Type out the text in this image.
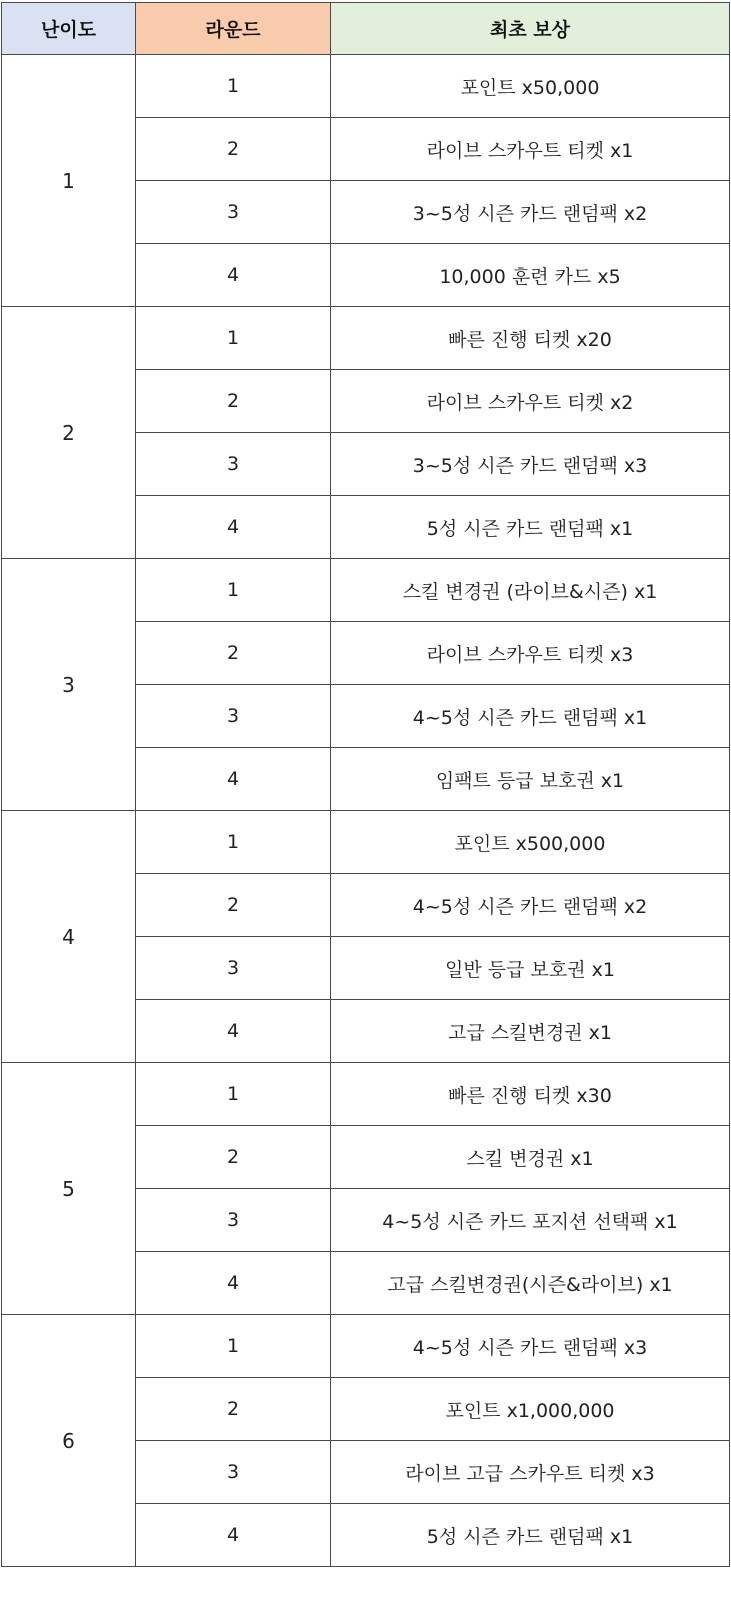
난이도	라운드	최초 보상
1	1	포인트 x50,000
	2	라이브 스카우트 티켓 x1
	3	3~5성 시즌 카드 랜덤팩 x2
	4	10,000 훈련 카드 x5
2	1	빠른 진행 티켓 x20
	2	라이브 스카우트 티켓 x2
	3	3~5성 시즌 카드 랜덤팩 x3
	4	5성 시즌 카드 랜덤팩 x1
3	1	스킬 변경권 (라이브&시즌) x1
	2	라이브 스카우트 티켓 x3
	3	4~5성 시즌 카드 랜덤팩 x1
	4	임팩트 등급 보호권 x1
4	1	포인트 x500,000
	2	4~5성 시즌 카드 랜덤팩 x2
	3	일반 등급 보호권 x1
	4	고급 스킬변경권 x1
5	1	빠른 진행 티켓 x30
	2	스킬 변경권 x1
	3	4~5성 시즌 카드 포지션 선택팩 x1
	4	고급 스킬변경권(시즌&라이브) x1
6	1	4~5성 시즌 카드 랜덤팩 x3
	2	포인트 x1,000,000
	3	라이브 고급 스카우트 티켓 x3
	4	5성 시즌 카드 랜덤팩 x1
